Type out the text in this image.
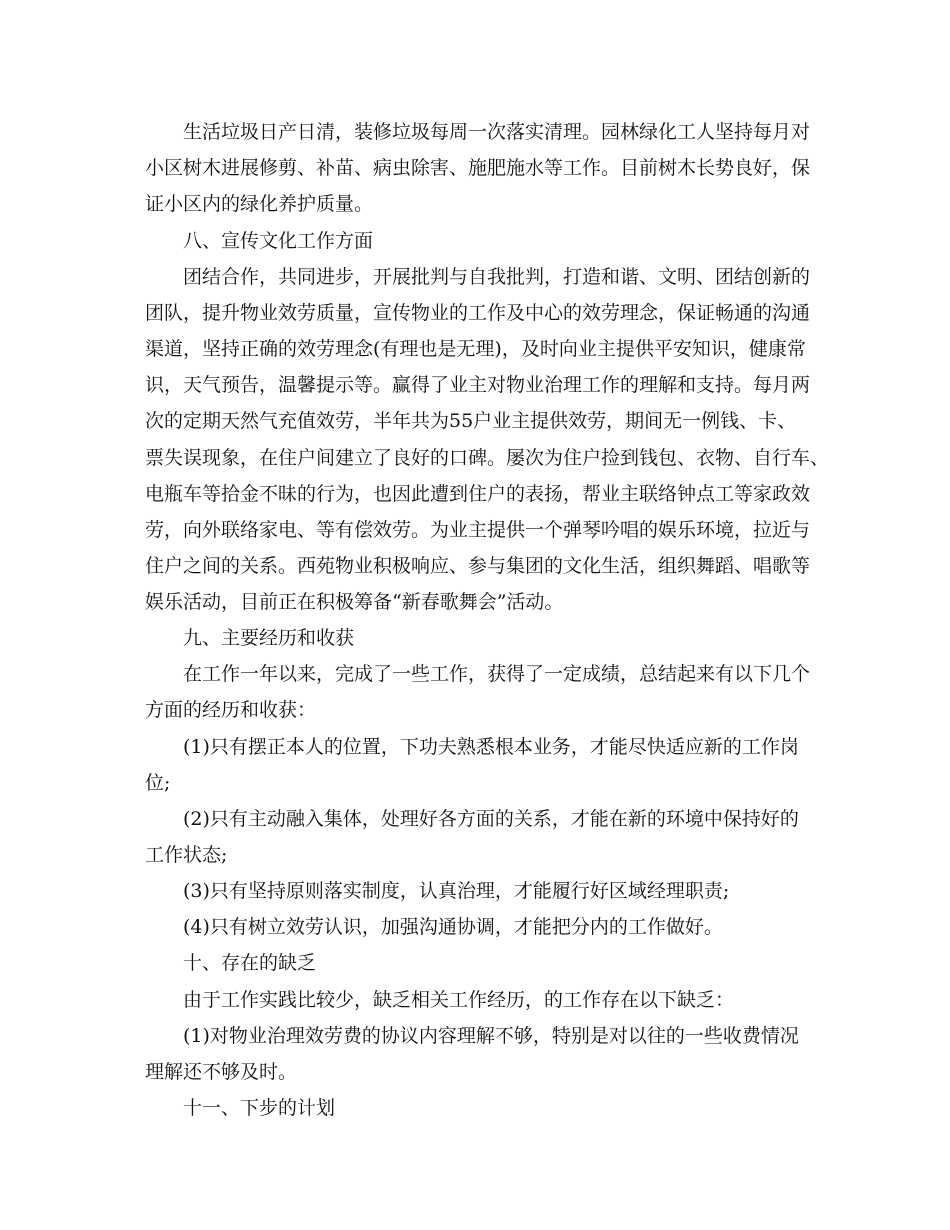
生活垃圾日产日清，装修垃圾每周一次落实清理。园林绿化工人坚持每月对
小区树木进展修剪、补苗、病虫除害、施肥施水等工作。目前树木长势良好，保
证小区内的绿化养护质量。
八、宣传文化工作方面
团结合作，共同进步，开展批判与自我批判，打造和谐、文明、团结创新的
团队，提升物业效劳质量，宣传物业的工作及中心的效劳理念，保证畅通的沟通
渠道，坚持正确的效劳理念(有理也是无理)，及时向业主提供平安知识，健康常
识，天气预告，温馨提示等。赢得了业主对物业治理工作的理解和支持。每月两
次的定期天然气充值效劳，半年共为55户业主提供效劳，期间无一例钱、卡、
票失误现象，在住户间建立了良好的口碑。屡次为住户捡到钱包、衣物、自行车、
电瓶车等拾金不昧的行为，也因此遭到住户的表扬，帮业主联络钟点工等家政效
劳，向外联络家电、等有偿效劳。为业主提供一个弹琴吟唱的娱乐环境，拉近与
住户之间的关系。西苑物业积极响应、参与集团的文化生活，组织舞蹈、唱歌等
娱乐活动，目前正在积极筹备“新春歌舞会”活动。
九、主要经历和收获
在工作一年以来，完成了一些工作，获得了一定成绩，总结起来有以下几个
方面的经历和收获：
(1)只有摆正本人的位置，下功夫熟悉根本业务，才能尽快适应新的工作岗
位;
(2)只有主动融入集体，处理好各方面的关系，才能在新的环境中保持好的
工作状态;
(3)只有坚持原则落实制度，认真治理，才能履行好区域经理职责;
(4)只有树立效劳认识，加强沟通协调，才能把分内的工作做好。
十、存在的缺乏
由于工作实践比较少，缺乏相关工作经历，的工作存在以下缺乏：
(1)对物业治理效劳费的协议内容理解不够，特别是对以往的一些收费情况
理解还不够及时。
十一、下步的计划
